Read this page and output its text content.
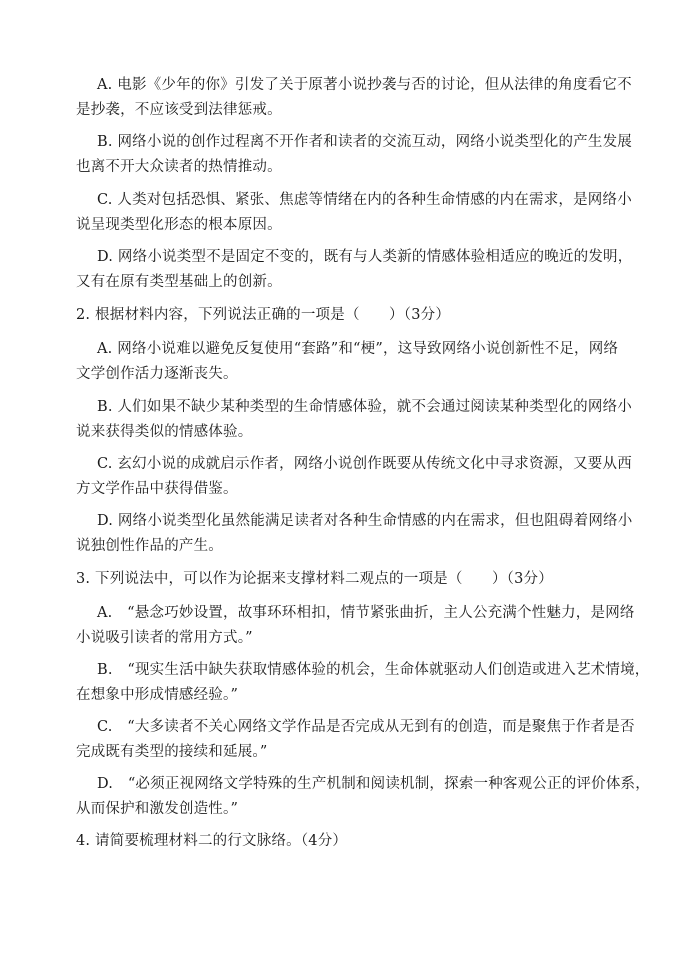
A. 电影《少年的你》引发了关于原著小说抄袭与否的讨论，但从法律的角度看它不
是抄袭，不应该受到法律惩戒。
B. 网络小说的创作过程离不开作者和读者的交流互动，网络小说类型化的产生发展
也离不开大众读者的热情推动。
C. 人类对包括恐惧、紧张、焦虑等情绪在内的各种生命情感的内在需求，是网络小
说呈现类型化形态的根本原因。
D. 网络小说类型不是固定不变的，既有与人类新的情感体验相适应的晚近的发明，
又有在原有类型基础上的创新。
2. 根据材料内容，下列说法正确的一项是（　　）（3分）
A. 网络小说难以避免反复使用“套路”和“梗”，这导致网络小说创新性不足，网络
文学创作活力逐渐丧失。
B. 人们如果不缺少某种类型的生命情感体验，就不会通过阅读某种类型化的网络小
说来获得类似的情感体验。
C. 玄幻小说的成就启示作者，网络小说创作既要从传统文化中寻求资源，又要从西
方文学作品中获得借鉴。
D. 网络小说类型化虽然能满足读者对各种生命情感的内在需求，但也阻碍着网络小
说独创性作品的产生。
3. 下列说法中，可以作为论据来支撑材料二观点的一项是（　　）（3分）
A.　“悬念巧妙设置，故事环环相扣，情节紧张曲折，主人公充满个性魅力，是网络
小说吸引读者的常用方式。”
B.　“现实生活中缺失获取情感体验的机会，生命体就驱动人们创造或进入艺术情境，
在想象中形成情感经验。”
C.　“大多读者不关心网络文学作品是否完成从无到有的创造，而是聚焦于作者是否
完成既有类型的接续和延展。”
D.　“必须正视网络文学特殊的生产机制和阅读机制，探索一种客观公正的评价体系，
从而保护和激发创造性。”
4. 请简要梳理材料二的行文脉络。（4分）
